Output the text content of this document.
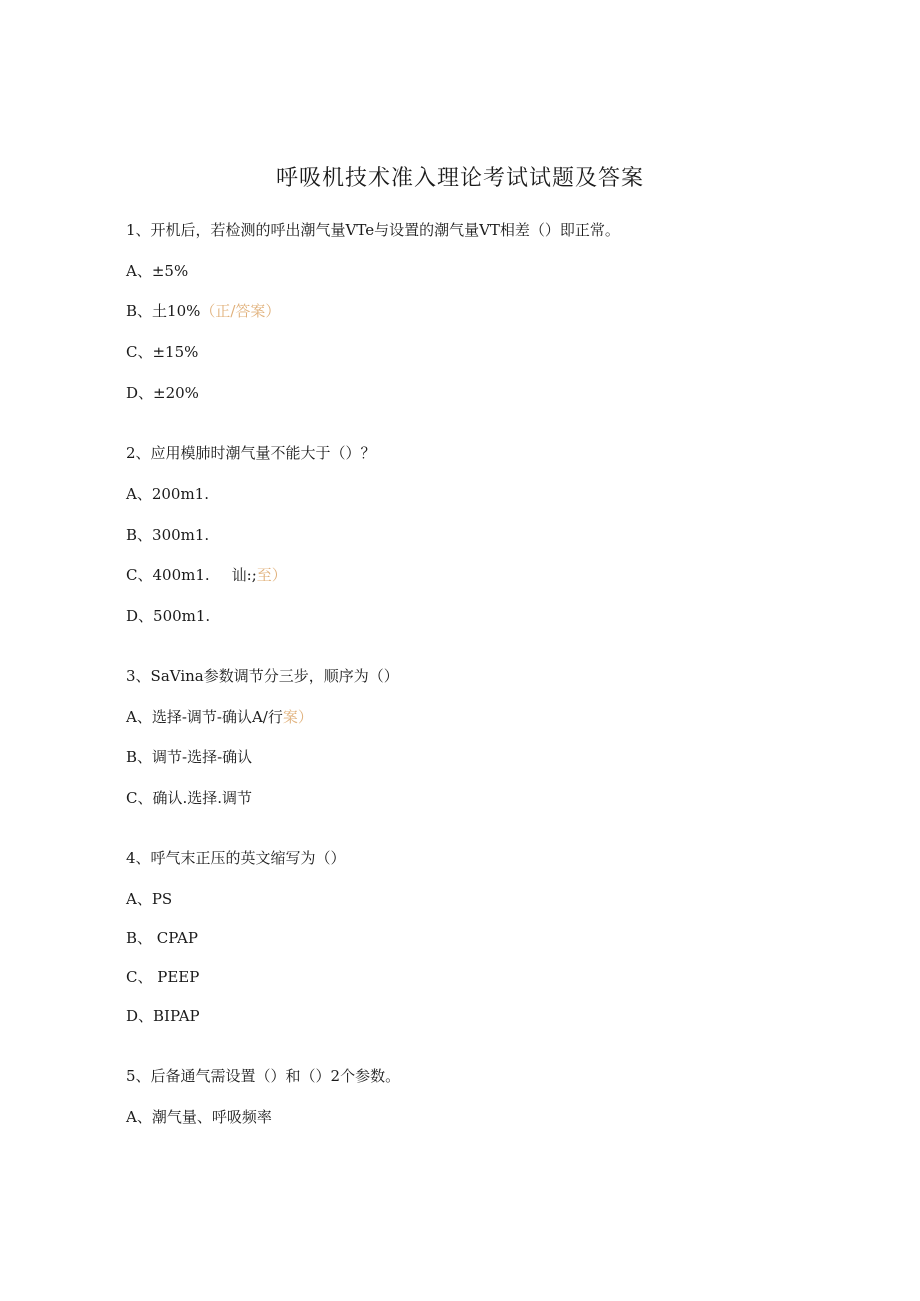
呼吸机技术准入理论考试试题及答案
1、开机后，若检测的呼出潮气量VTe与设置的潮气量VT相差（）即正常。
A、±5%
B、土10%（正/答案）
C、±15%
D、±20%
2、应用模肺时潮气量不能大于（）？
A、200m1.
B、300m1.
C、400m1. 讪:;至）
D、500m1.
3、SaVina参数调节分三步，顺序为（）
A、选择-调节-确认A/行案）
B、调节-选择-确认
C、确认.选择.调节
4、呼气末正压的英文缩写为（）
A、PS
B、 CPAP
C、 PEEP
D、BIPAP
5、后备通气需设置（）和（）2个参数。
A、潮气量、呼吸频率
